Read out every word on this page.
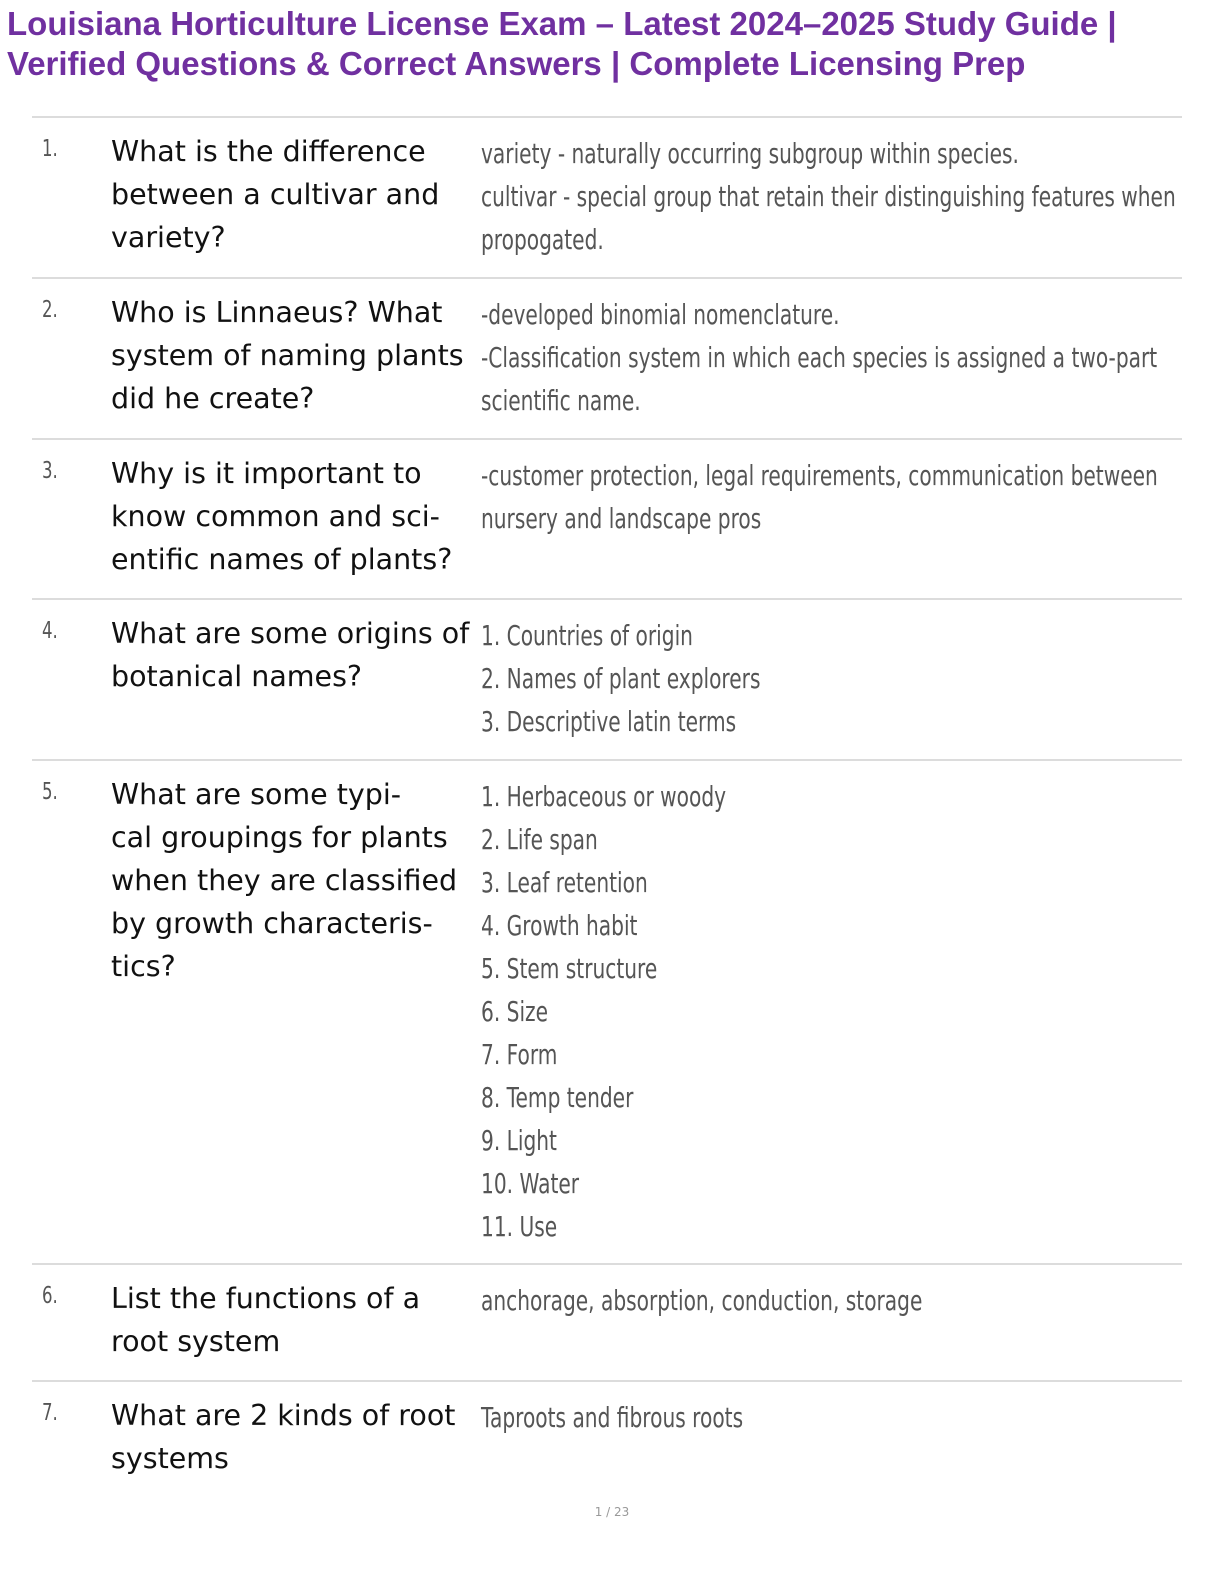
Louisiana Horticulture License Exam – Latest 2024–2025 Study Guide |
Verified Questions & Correct Answers | Complete Licensing Prep
1. What is the difference
between a cultivar and
variety?
variety - naturally occurring subgroup within species.
cultivar - special group that retain their distinguishing features when
propogated.
2. Who is Linnaeus? What
system of naming plants
did he create?
-developed binomial nomenclature.
-Classification system in which each species is assigned a two-part
scientific name.
3. Why is it important to
know common and sci-
entific names of plants?
-customer protection, legal requirements, communication between
nursery and landscape pros
4. What are some origins of
botanical names?
1. Countries of origin
2. Names of plant explorers
3. Descriptive latin terms
5. What are some typi-
cal groupings for plants
when they are classified
by growth characteris-
tics?
1. Herbaceous or woody
2. Life span
3. Leaf retention
4. Growth habit
5. Stem structure
6. Size
7. Form
8. Temp tender
9. Light
10. Water
11. Use
6. List the functions of a
root system
anchorage, absorption, conduction, storage
7. What are 2 kinds of root
systems
Taproots and fibrous roots
1 / 23
